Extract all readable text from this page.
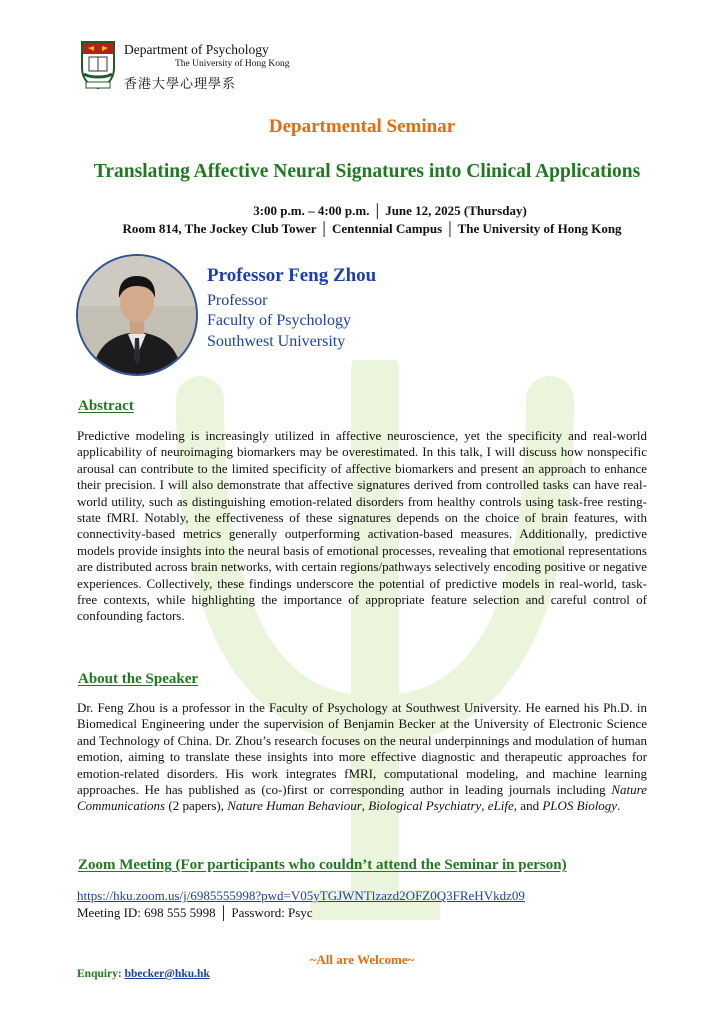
Department of Psychology
The University of Hong Kong
香港大學心理學系
Departmental Seminar
Translating Affective Neural Signatures into Clinical Applications
3:00 p.m. – 4:00 p.m. │ June 12, 2025 (Thursday)
Room 814, The Jockey Club Tower │ Centennial Campus │ The University of Hong Kong
Professor Feng Zhou
Professor
Faculty of Psychology
Southwest University
Abstract
Predictive modeling is increasingly utilized in affective neuroscience, yet the specificity and real-world applicability of neuroimaging biomarkers may be overestimated. In this talk, I will discuss how nonspecific arousal can contribute to the limited specificity of affective biomarkers and present an approach to enhance their precision. I will also demonstrate that affective signatures derived from controlled tasks can have real-world utility, such as distinguishing emotion-related disorders from healthy controls using task-free resting-state fMRI. Notably, the effectiveness of these signatures depends on the choice of brain features, with connectivity-based metrics generally outperforming activation-based measures. Additionally, predictive models provide insights into the neural basis of emotional processes, revealing that emotional representations are distributed across brain networks, with certain regions/pathways selectively encoding positive or negative experiences. Collectively, these findings underscore the potential of predictive models in real-world, task-free contexts, while highlighting the importance of appropriate feature selection and careful control of confounding factors.
About the Speaker
Dr. Feng Zhou is a professor in the Faculty of Psychology at Southwest University. He earned his Ph.D. in Biomedical Engineering under the supervision of Benjamin Becker at the University of Electronic Science and Technology of China. Dr. Zhou’s research focuses on the neural underpinnings and modulation of human emotion, aiming to translate these insights into more effective diagnostic and therapeutic approaches for emotion-related disorders. His work integrates fMRI, computational modeling, and machine learning approaches. He has published as (co-)first or corresponding author in leading journals including Nature Communications (2 papers), Nature Human Behaviour, Biological Psychiatry, eLife, and PLOS Biology.
Zoom Meeting (For participants who couldn’t attend the Seminar in person)
https://hku.zoom.us/j/6985555998?pwd=V05yTGJWNTlzazd2OFZ0Q3FReHVkdz09
Meeting ID: 698 555 5998 │ Password: Psyc
~All are Welcome~
Enquiry: bbecker@hku.hk
